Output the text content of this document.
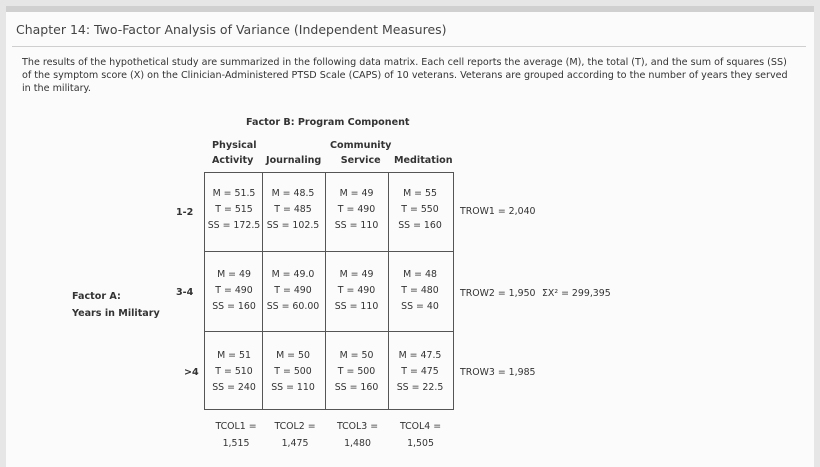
Chapter 14: Two-Factor Analysis of Variance (Independent Measures)
The results of the hypothetical study are summarized in the following data matrix. Each cell reports the average (M), the total (T), and the sum of squares (SS) of the symptom score (X) on the Clinician-Administered PTSD Scale (CAPS) of 10 veterans. Veterans are grouped according to the number of years they served in the military.
Factor B: Program Component
Physical
Activity	Journaling
Community
Service	Meditation
Factor A:
Years in Military
1-2
3-4
>4
M = 51.5
T = 515
SS = 172.5
M = 48.5
T = 485
SS = 102.5
M = 49
T = 490
SS = 110
M = 55
T = 550
SS = 160
M = 49
T = 490
SS = 160
M = 49.0
T = 490
SS = 60.00
M = 49
T = 490
SS = 110
M = 48
T = 480
SS = 40
M = 51
T = 510
SS = 240
M = 50
T = 500
SS = 110
M = 50
T = 500
SS = 160
M = 47.5
T = 475
SS = 22.5
TROW1 = 2,040
TROW2 = 1,950
TROW3 = 1,985
ΣX² = 299,395
TCOL1 =
1,515
TCOL2 =
1,475
TCOL3 =
1,480
TCOL4 =
1,505
